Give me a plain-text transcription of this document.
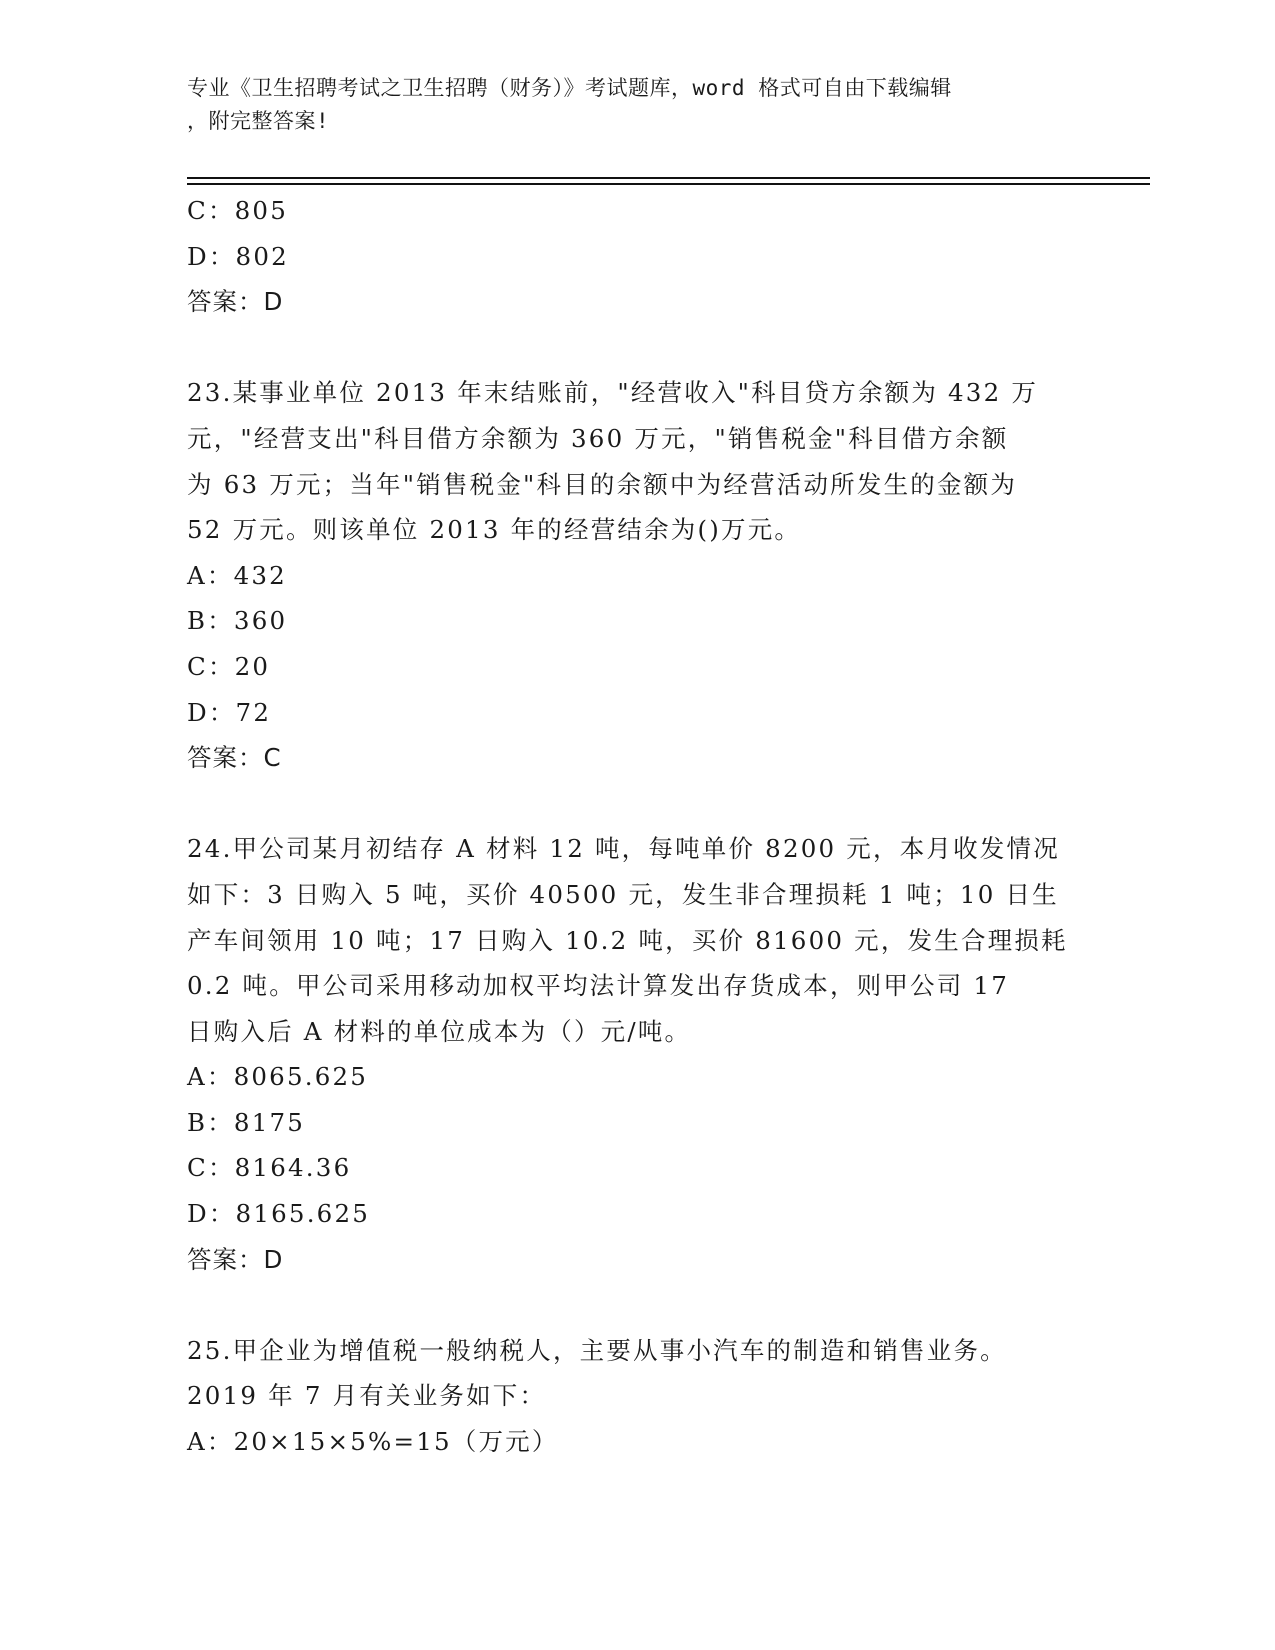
专业《卫生招聘考试之卫生招聘（财务）》考试题库，word 格式可自由下载编辑
，附完整答案!
C：805
D：802
答案：D
23.某事业单位 2013 年末结账前，"经营收入"科目贷方余额为 432 万
元，"经营支出"科目借方余额为 360 万元，"销售税金"科目借方余额
为 63 万元；当年"销售税金"科目的余额中为经营活动所发生的金额为
52 万元。则该单位 2013 年的经营结余为()万元。
A：432
B：360
C：20
D：72
答案：C
24.甲公司某月初结存 A 材料 12 吨，每吨单价 8200 元，本月收发情况
如下：3 日购入 5 吨，买价 40500 元，发生非合理损耗 1 吨；10 日生
产车间领用 10 吨；17 日购入 10.2 吨，买价 81600 元，发生合理损耗
0.2 吨。甲公司采用移动加权平均法计算发出存货成本，则甲公司 17
日购入后 A 材料的单位成本为（）元/吨。
A：8065.625
B：8175
C：8164.36
D：8165.625
答案：D
25.甲企业为增值税一般纳税人，主要从事小汽车的制造和销售业务。
2019 年 7 月有关业务如下：
A：20×15×5%=15（万元）
